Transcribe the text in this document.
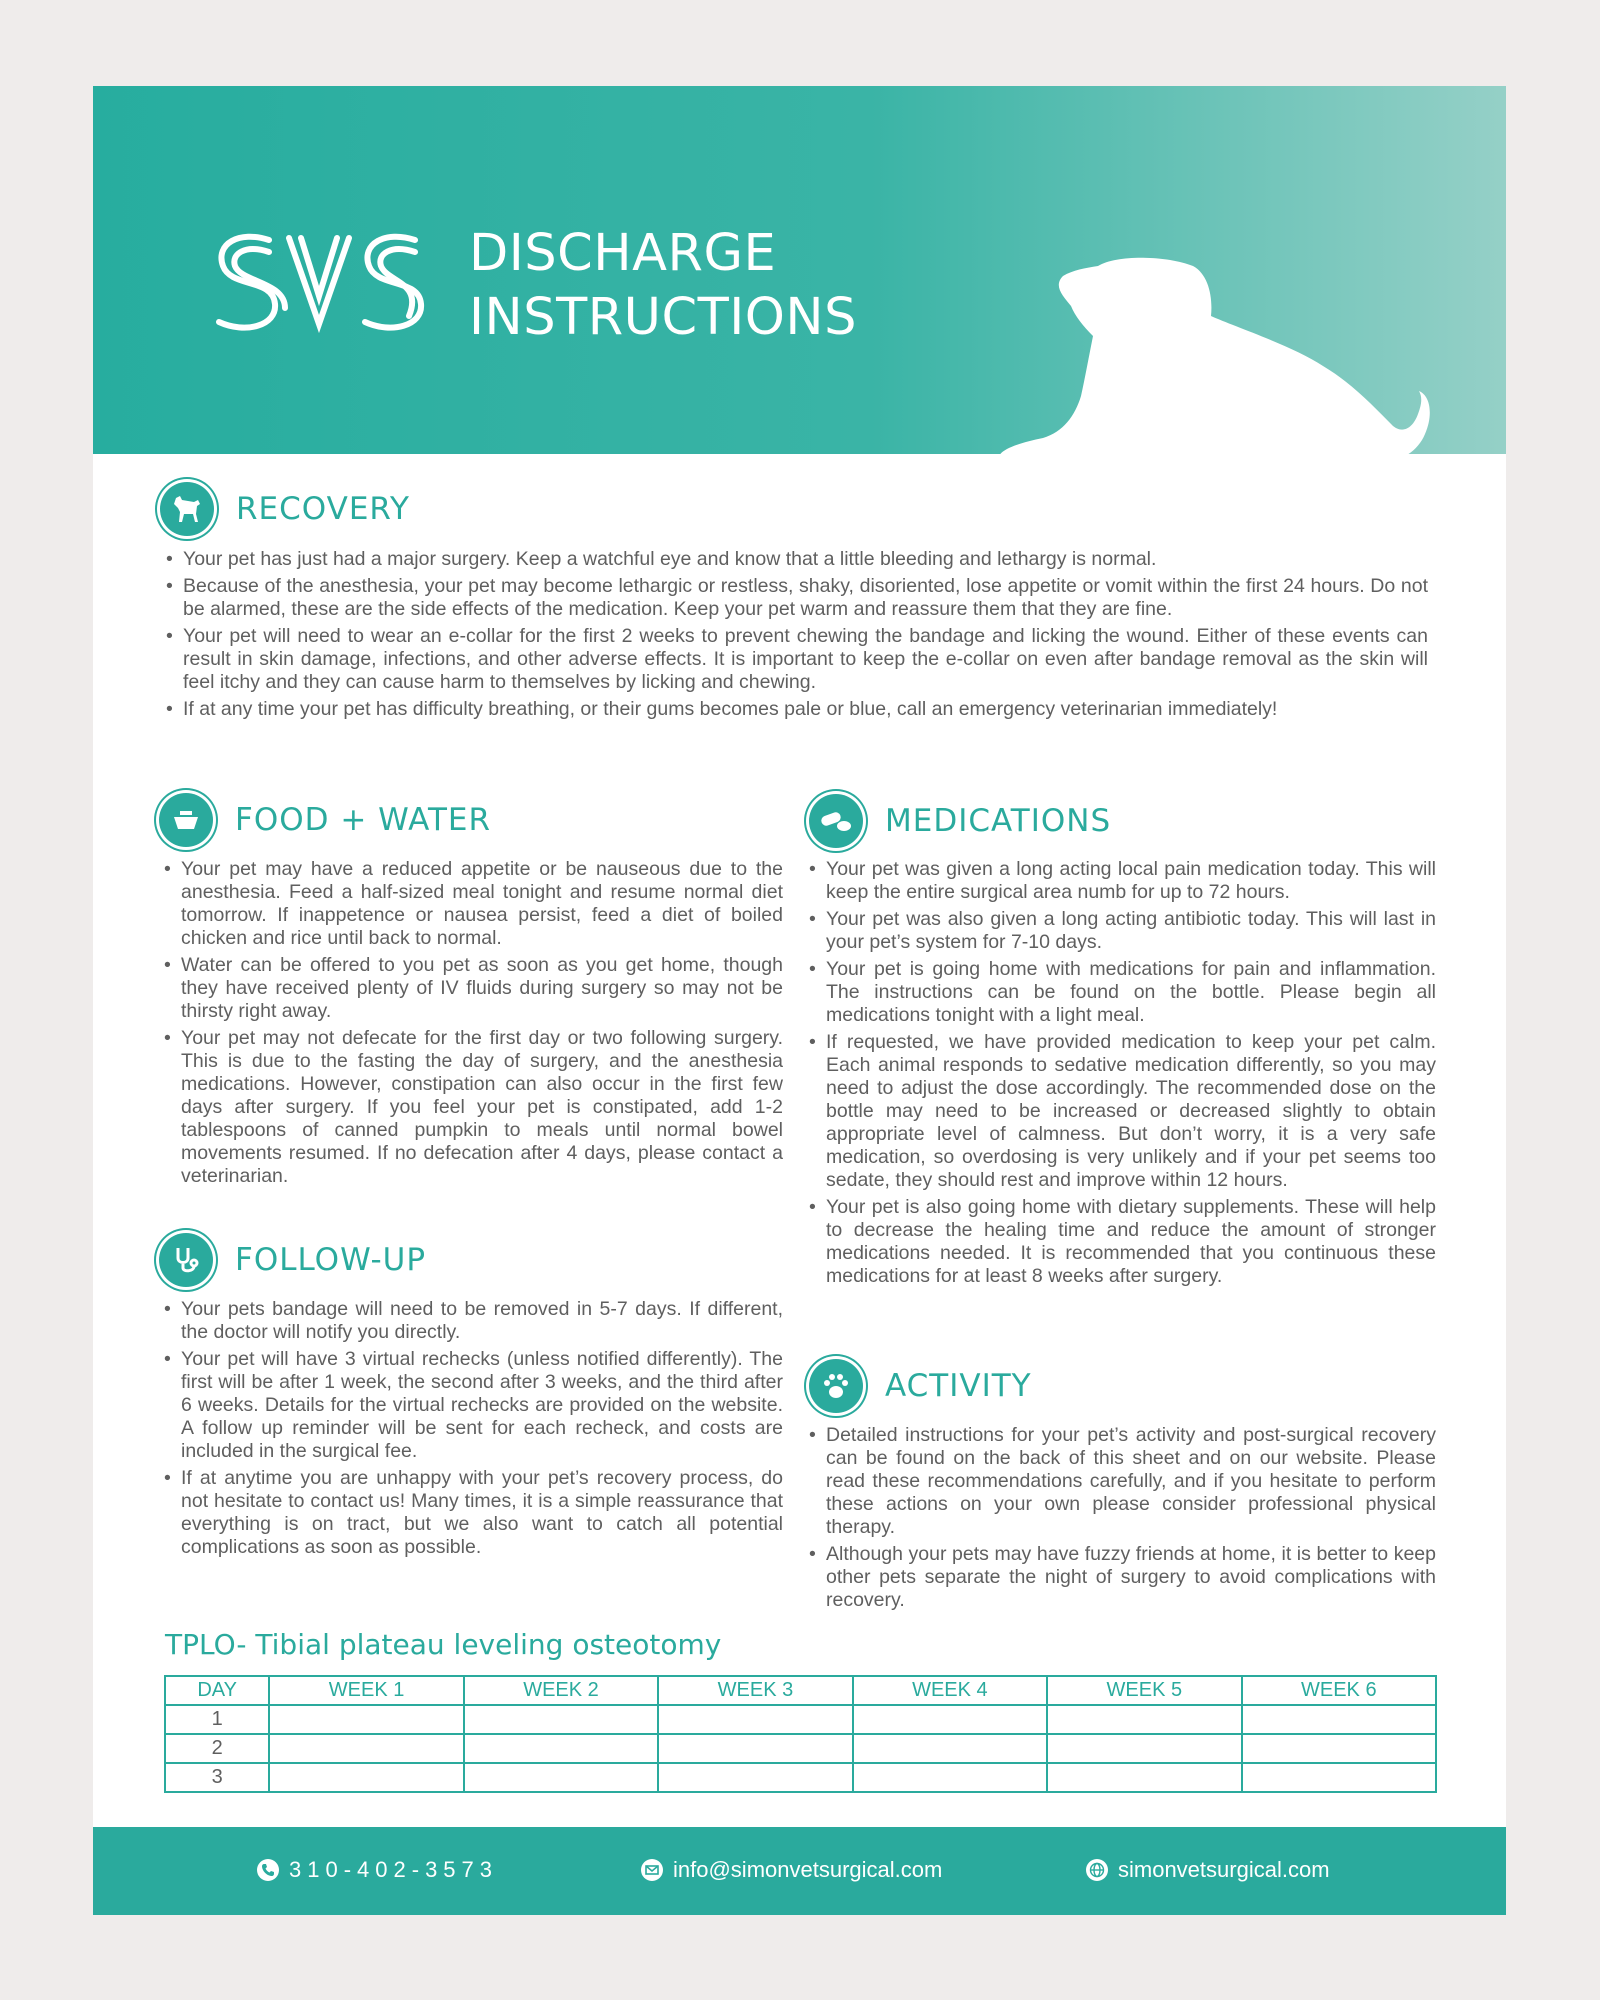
DISCHARGE
INSTRUCTIONS
RECOVERY
• Your pet has just had a major surgery. Keep a watchful eye and know that a little bleeding and lethargy is normal.
• Because of the anesthesia, your pet may become lethargic or restless, shaky, disoriented, lose appetite or vomit within the first 24 hours. Do not be alarmed, these are the side effects of the medication. Keep your pet warm and reassure them that they are fine.
• Your pet will need to wear an e-collar for the first 2 weeks to prevent chewing the bandage and licking the wound. Either of these events can result in skin damage, infections, and other adverse effects. It is important to keep the e-collar on even after bandage removal as the skin will feel itchy and they can cause harm to themselves by licking and chewing.
• If at any time your pet has difficulty breathing, or their gums becomes pale or blue, call an emergency veterinarian immediately!
FOOD + WATER
• Your pet may have a reduced appetite or be nauseous due to the anesthesia. Feed a half-sized meal tonight and resume normal diet tomorrow. If inappetence or nausea persist, feed a diet of boiled chicken and rice until back to normal.
• Water can be offered to you pet as soon as you get home, though they have received plenty of IV fluids during surgery so may not be thirsty right away.
• Your pet may not defecate for the first day or two following surgery. This is due to the fasting the day of surgery, and the anesthesia medications. However, constipation can also occur in the first few days after surgery. If you feel your pet is constipated, add 1-2 tablespoons of canned pumpkin to meals until normal bowel movements resumed. If no defecation after 4 days, please contact a veterinarian.
FOLLOW-UP
• Your pets bandage will need to be removed in 5-7 days. If different, the doctor will notify you directly.
• Your pet will have 3 virtual rechecks (unless notified differently). The first will be after 1 week, the second after 3 weeks, and the third after 6 weeks. Details for the virtual rechecks are provided on the website. A follow up reminder will be sent for each recheck, and costs are included in the surgical fee.
• If at anytime you are unhappy with your pet’s recovery process, do not hesitate to contact us! Many times, it is a simple reassurance that everything is on tract, but we also want to catch all potential complications as soon as possible.
MEDICATIONS
• Your pet was given a long acting local pain medication today. This will keep the entire surgical area numb for up to 72 hours.
• Your pet was also given a long acting antibiotic today. This will last in your pet’s system for 7-10 days.
• Your pet is going home with medications for pain and inflammation. The instructions can be found on the bottle. Please begin all medications tonight with a light meal.
• If requested, we have provided medication to keep your pet calm. Each animal responds to sedative medication differently, so you may need to adjust the dose accordingly. The recommended dose on the bottle may need to be increased or decreased slightly to obtain appropriate level of calmness. But don’t worry, it is a very safe medication, so overdosing is very unlikely and if your pet seems too sedate, they should rest and improve within 12 hours.
• Your pet is also going home with dietary supplements. These will help to decrease the healing time and reduce the amount of stronger medications needed. It is recommended that you continuous these medications for at least 8 weeks after surgery.
ACTIVITY
• Detailed instructions for your pet’s activity and post-surgical recovery can be found on the back of this sheet and on our website. Please read these recommendations carefully, and if you hesitate to perform these actions on your own please consider professional physical therapy.
• Although your pets may have fuzzy friends at home, it is better to keep other pets separate the night of surgery to avoid complications with recovery.
TPLO- Tibial plateau leveling osteotomy
DAY	WEEK 1	WEEK 2	WEEK 3	WEEK 4	WEEK 5	WEEK 6
1						
2						
3						
310-402-3573	info@simonvetsurgical.com	simonvetsurgical.com
